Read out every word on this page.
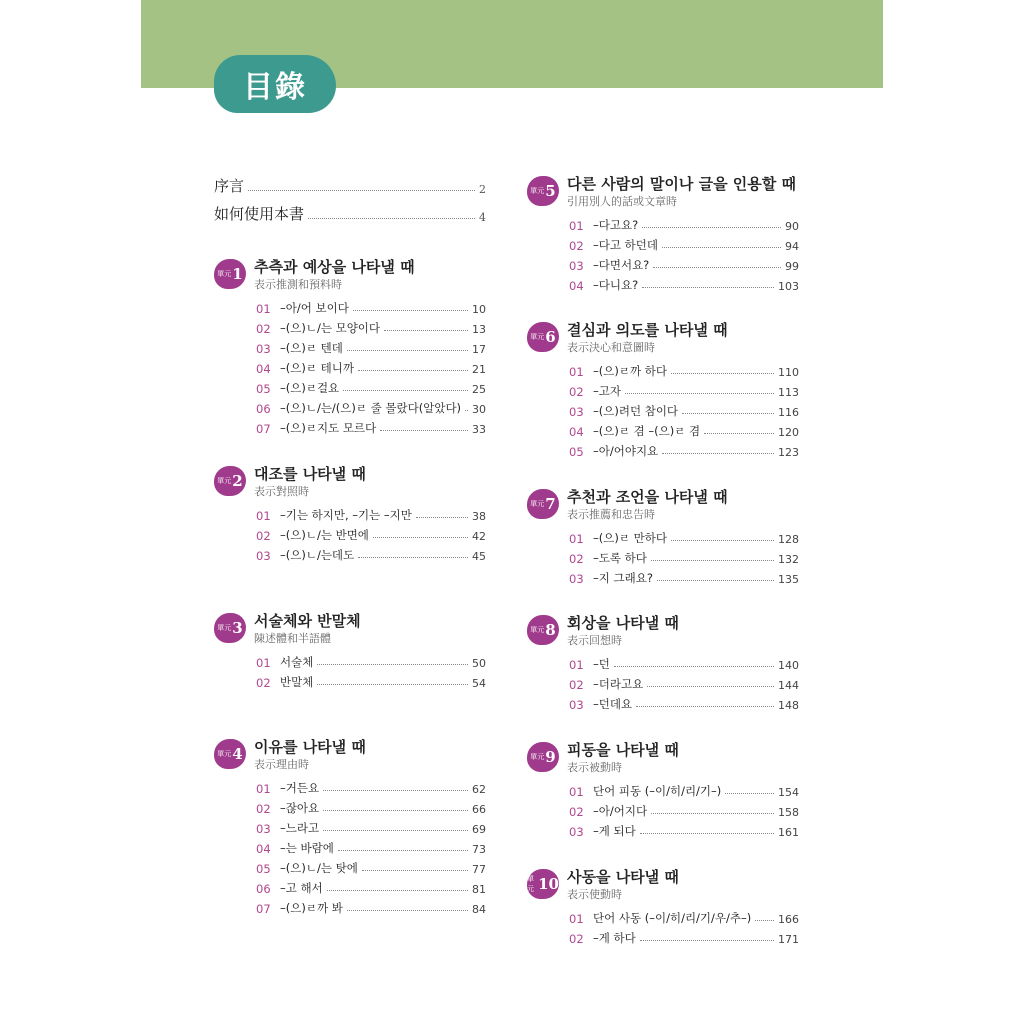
目錄
序言	2
如何使用本書	4
單元 1 추측과 예상을 나타낼 때
表示推測和預料時
01 –아/어 보이다	10
02 –(으)ㄴ/는 모양이다	13
03 –(으)ㄹ 텐데	17
04 –(으)ㄹ 테니까	21
05 –(으)ㄹ걸요	25
06 –(으)ㄴ/는/(으)ㄹ 줄 몰랐다(알았다) 30
07 –(으)ㄹ지도 모르다	33
單元 2 대조를 나타낼 때
表示對照時
01 –기는 하지만, –기는 –지만	38
02 –(으)ㄴ/는 반면에	42
03 –(으)ㄴ/는데도	45
單元 3 서술체와 반말체
陳述體和半語體
01 서술체	50
02 반말체	54
單元 4 이유를 나타낼 때
表示理由時
01 –거든요	62
02 –잖아요	66
03 –느라고	69
04 –는 바람에	73
05 –(으)ㄴ/는 탓에	77
06 –고 해서	81
07 –(으)ㄹ까 봐	84
單元 5 다른 사람의 말이나 글을 인용할 때
引用別人的話或文章時
01 –다고요?	90
02 –다고 하던데	94
03 –다면서요?	99
04 –다니요?	103
單元 6 결심과 의도를 나타낼 때
表示決心和意圖時
01 –(으)ㄹ까 하다	110
02 –고자	113
03 –(으)려던 참이다	116
04 –(으)ㄹ 겸 –(으)ㄹ 겸	120
05 –아/어야지요	123
單元 7 추천과 조언을 나타낼 때
表示推薦和忠告時
01 –(으)ㄹ 만하다	128
02 –도록 하다	132
03 –지 그래요?	135
單元 8 회상을 나타낼 때
表示回想時
01 –던	140
02 –더라고요	144
03 –던데요	148
單元 9 피동을 나타낼 때
表示被動時
01 단어 피동 (–이/히/리/기–)	154
02 –아/어지다	158
03 –게 되다	161
單元 10 사동을 나타낼 때
表示使動時
01 단어 사동 (–이/히/리/기/우/추–) 166
02 –게 하다	171
